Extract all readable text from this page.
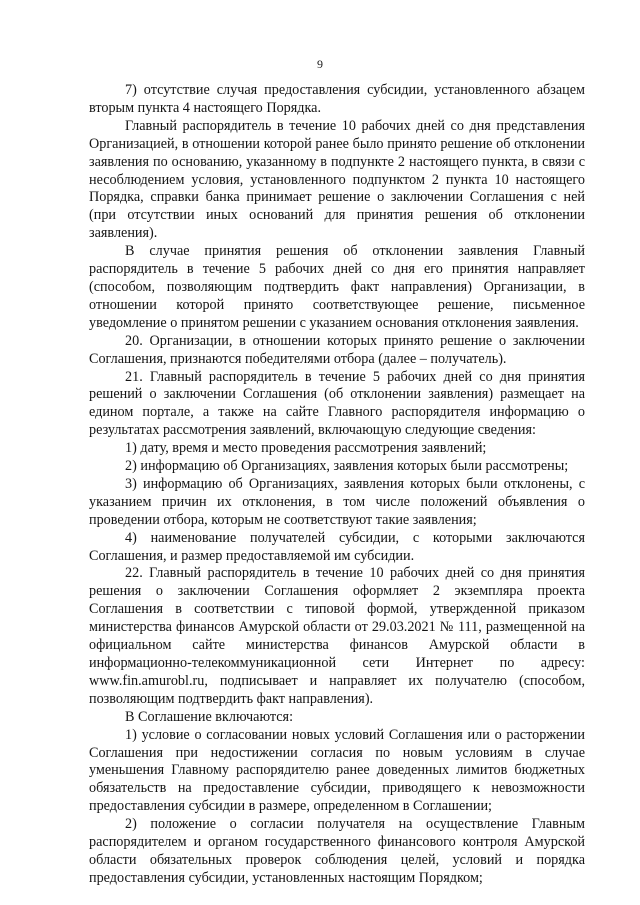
9

7) отсутствие случая предоставления субсидии, установленного абзацем вторым пункта 4 настоящего Порядка.

Главный распорядитель в течение 10 рабочих дней со дня представления Организацией, в отношении которой ранее было принято решение об отклонении заявления по основанию, указанному в подпункте 2 настоящего пункта, в связи с несоблюдением условия, установленного подпунктом 2 пункта 10 настоящего Порядка, справки банка принимает решение о заключении Соглашения с ней (при отсутствии иных оснований для принятия решения об отклонении заявления).

В случае принятия решения об отклонении заявления Главный распорядитель в течение 5 рабочих дней со дня его принятия направляет (способом, позволяющим подтвердить факт направления) Организации, в отношении которой принято соответствующее решение, письменное уведомление о принятом решении с указанием основания отклонения заявления.

20. Организации, в отношении которых принято решение о заключении Соглашения, признаются победителями отбора (далее – получатель).

21. Главный распорядитель в течение 5 рабочих дней со дня принятия решений о заключении Соглашения (об отклонении заявления) размещает на едином портале, а также на сайте Главного распорядителя информацию о результатах рассмотрения заявлений, включающую следующие сведения:

1) дату, время и место проведения рассмотрения заявлений;

2) информацию об Организациях, заявления которых были рассмотрены;

3) информацию об Организациях, заявления которых были отклонены, с указанием причин их отклонения, в том числе положений объявления о проведении отбора, которым не соответствуют такие заявления;

4) наименование получателей субсидии, с которыми заключаются Соглашения, и размер предоставляемой им субсидии.

22. Главный распорядитель в течение 10 рабочих дней со дня принятия решения о заключении Соглашения оформляет 2 экземпляра проекта Соглашения в соответствии с типовой формой, утвержденной приказом министерства финансов Амурской области от 29.03.2021 № 111, размещенной на официальном сайте министерства финансов Амурской области в информационно-телекоммуникационной сети Интернет по адресу: www.fin.amurobl.ru, подписывает и направляет их получателю (способом, позволяющим подтвердить факт направления).

В Соглашение включаются:

1) условие о согласовании новых условий Соглашения или о расторжении Соглашения при недостижении согласия по новым условиям в случае уменьшения Главному распорядителю ранее доведенных лимитов бюджетных обязательств на предоставление субсидии, приводящего к невозможности предоставления субсидии в размере, определенном в Соглашении;

2) положение о согласии получателя на осуществление Главным распорядителем и органом государственного финансового контроля Амурской области обязательных проверок соблюдения целей, условий и порядка предоставления субсидии, установленных настоящим Порядком;
